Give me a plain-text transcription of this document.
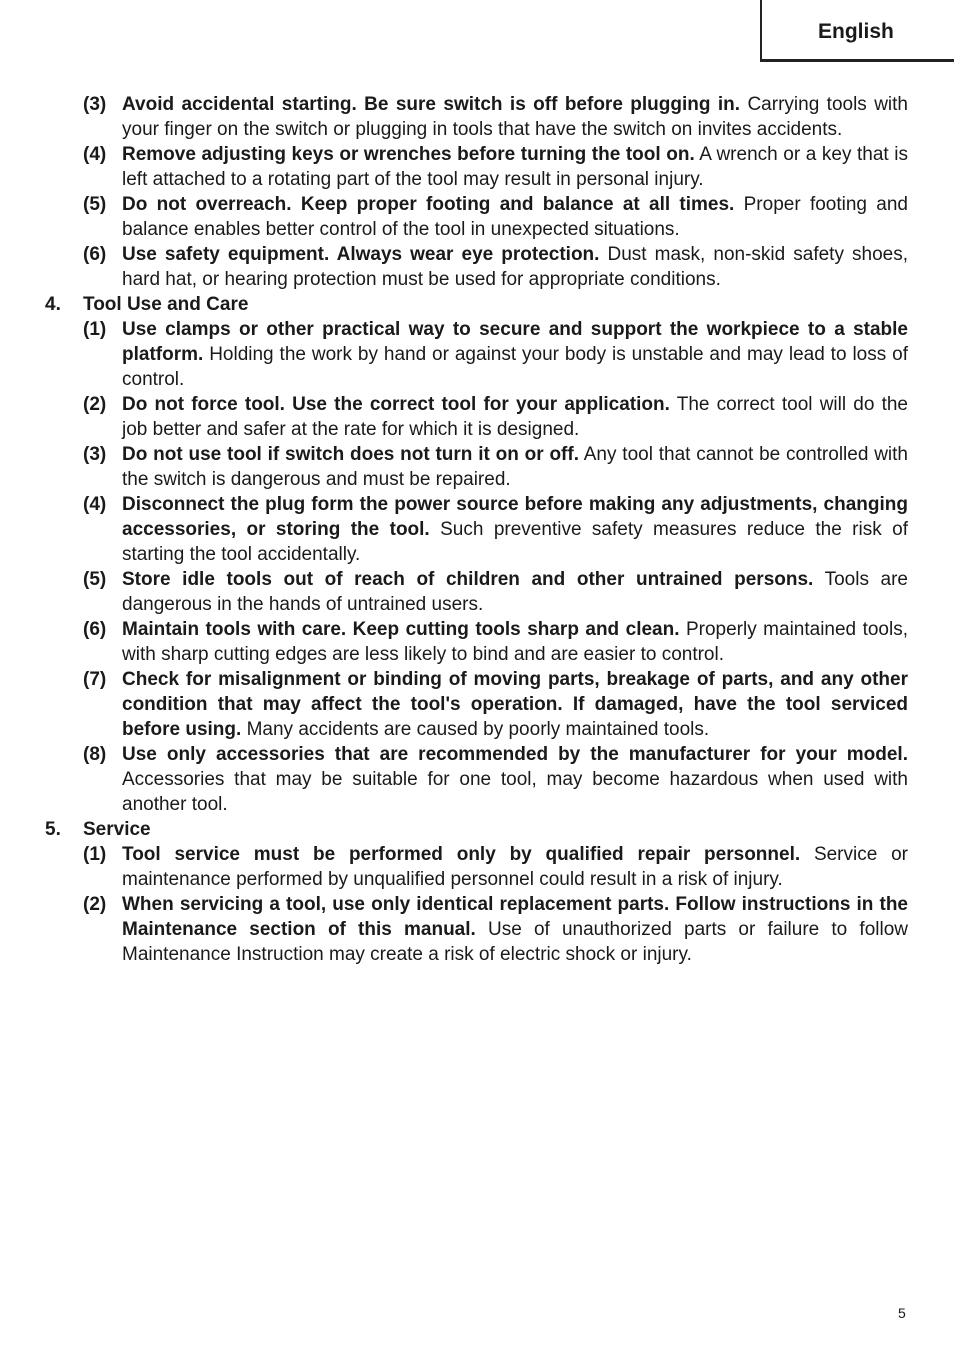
English
(3) Avoid accidental starting. Be sure switch is off before plugging in. Carrying tools with your finger on the switch or plugging in tools that have the switch on invites accidents.
(4) Remove adjusting keys or wrenches before turning the tool on. A wrench or a key that is left attached to a rotating part of the tool may result in personal injury.
(5) Do not overreach. Keep proper footing and balance at all times. Proper footing and balance enables better control of the tool in unexpected situations.
(6) Use safety equipment. Always wear eye protection. Dust mask, non-skid safety shoes, hard hat, or hearing protection must be used for appropriate conditions.
4. Tool Use and Care
(1) Use clamps or other practical way to secure and support the workpiece to a stable platform. Holding the work by hand or against your body is unstable and may lead to loss of control.
(2) Do not force tool. Use the correct tool for your application. The correct tool will do the job better and safer at the rate for which it is designed.
(3) Do not use tool if switch does not turn it on or off. Any tool that cannot be controlled with the switch is dangerous and must be repaired.
(4) Disconnect the plug form the power source before making any adjustments, changing accessories, or storing the tool. Such preventive safety measures reduce the risk of starting the tool accidentally.
(5) Store idle tools out of reach of children and other untrained persons. Tools are dangerous in the hands of untrained users.
(6) Maintain tools with care. Keep cutting tools sharp and clean. Properly maintained tools, with sharp cutting edges are less likely to bind and are easier to control.
(7) Check for misalignment or binding of moving parts, breakage of parts, and any other condition that may affect the tool's operation. If damaged, have the tool serviced before using. Many accidents are caused by poorly maintained tools.
(8) Use only accessories that are recommended by the manufacturer for your model. Accessories that may be suitable for one tool, may become hazardous when used with another tool.
5. Service
(1) Tool service must be performed only by qualified repair personnel. Service or maintenance performed by unqualified personnel could result in a risk of injury.
(2) When servicing a tool, use only identical replacement parts. Follow instructions in the Maintenance section of this manual. Use of unauthorized parts or failure to follow Maintenance Instruction may create a risk of electric shock or injury.
5
